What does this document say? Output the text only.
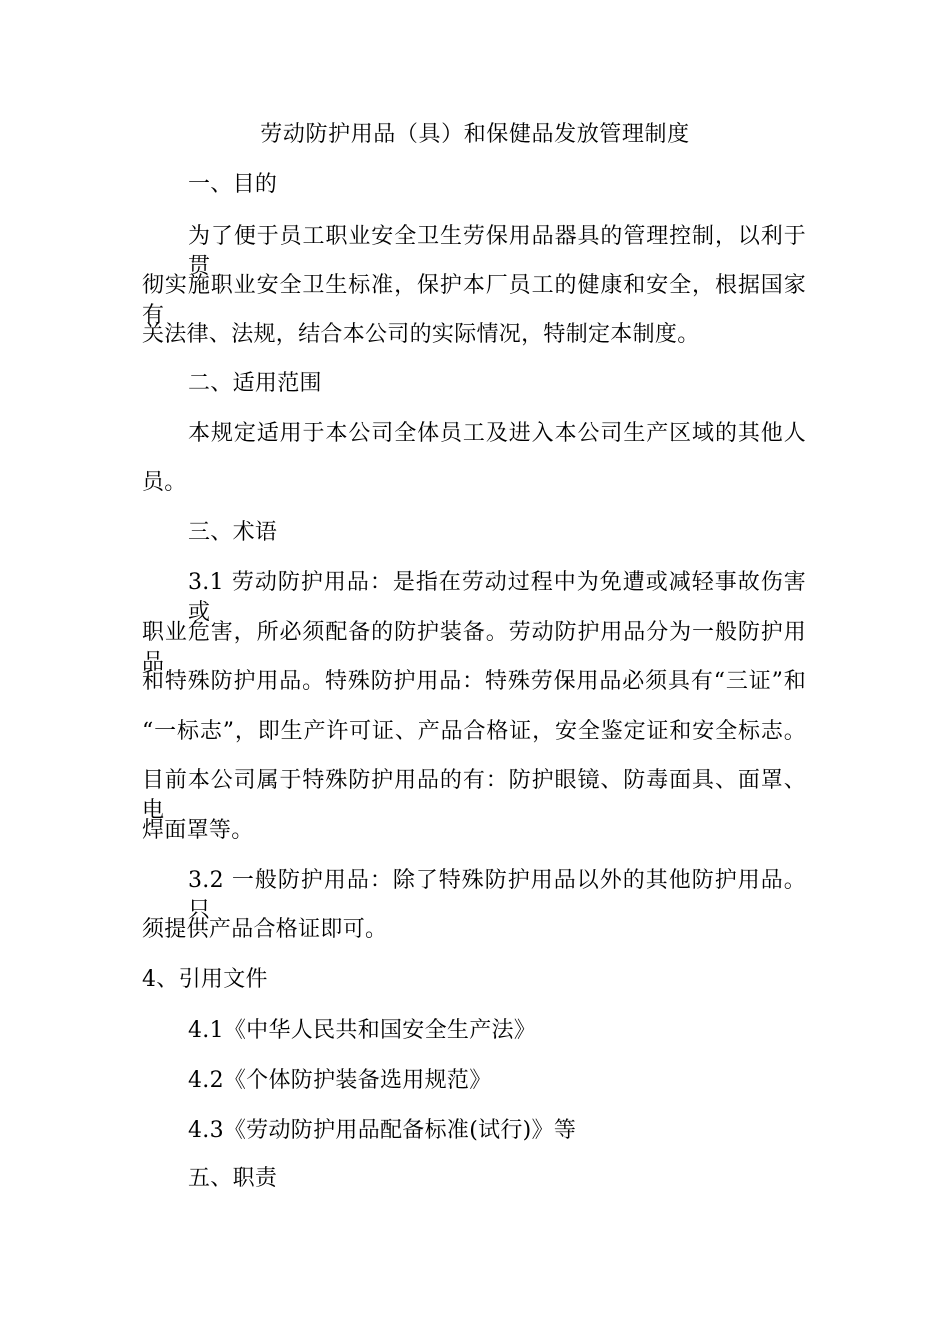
劳动防护用品（具）和保健品发放管理制度
一、目的
为了便于员工职业安全卫生劳保用品器具的管理控制，以利于贯
彻实施职业安全卫生标准，保护本厂员工的健康和安全，根据国家有
关法律、法规，结合本公司的实际情况，特制定本制度。
二、适用范围
本规定适用于本公司全体员工及进入本公司生产区域的其他人
员。
三、术语
3.1 劳动防护用品：是指在劳动过程中为免遭或减轻事故伤害或
职业危害，所必须配备的防护装备。劳动防护用品分为一般防护用品
和特殊防护用品。特殊防护用品：特殊劳保用品必须具有“三证”和
“一标志”，即生产许可证、产品合格证，安全鉴定证和安全标志。
目前本公司属于特殊防护用品的有：防护眼镜、防毒面具、面罩、电
焊面罩等。
3.2 一般防护用品：除了特殊防护用品以外的其他防护用品。只
须提供产品合格证即可。
4、引用文件
4.1《中华人民共和国安全生产法》
4.2《个体防护装备选用规范》
4.3《劳动防护用品配备标准(试行)》等
五、职责
